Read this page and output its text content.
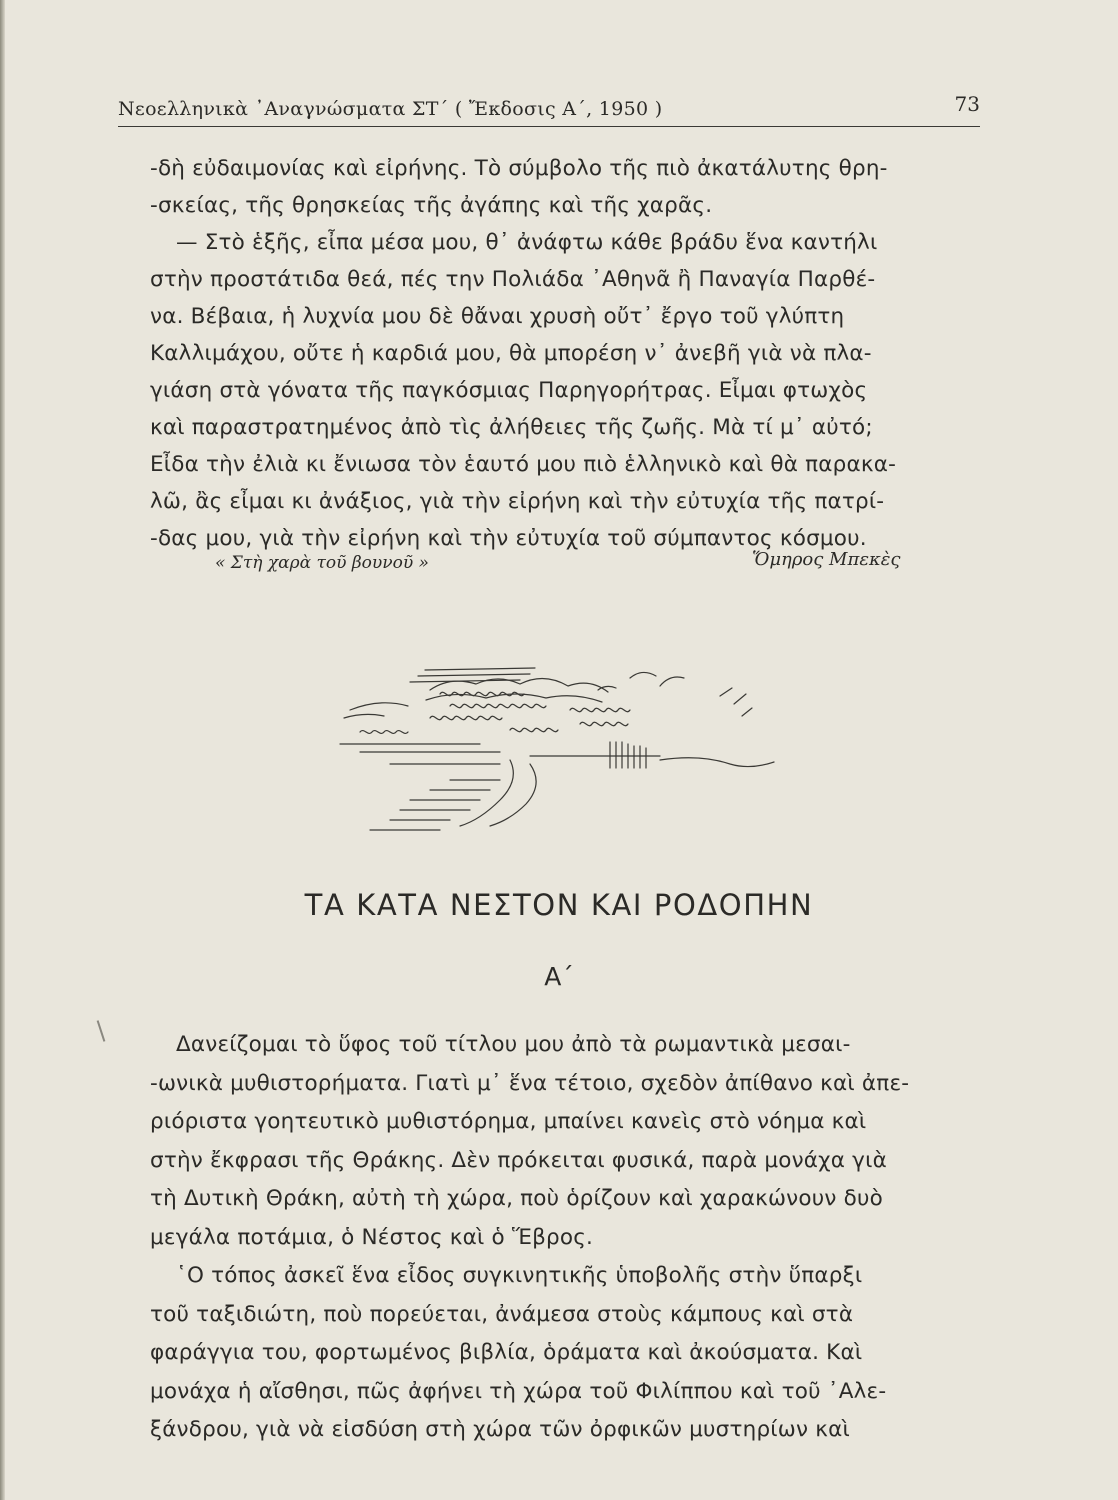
Νεοελληνικὰ ᾿Αναγνώσματα ΣΤ΄ ( Ἔκδοσις Α΄, 1950 )	73
-δὴ εὐδαιμονίας καὶ εἰρήνης. Τὸ σύμβολο τῆς πιὸ ἀκατάλυτης θρη-
-σκείας, τῆς θρησκείας τῆς ἀγάπης καὶ τῆς χαρᾶς.
— Στὸ ἑξῆς, εἶπα μέσα μου, θ᾿ ἀνάφτω κάθε βράδυ ἕνα καντήλι
στὴν προστάτιδα θεά, πές την Πολιάδα ᾿Αθηνᾶ ἢ Παναγία Παρθέ-
να. Βέβαια, ἡ λυχνία μου δὲ θἄναι χρυσὴ οὔτ᾿ ἔργο τοῦ γλύπτη
Καλλιμάχου, οὔτε ἡ καρδιά μου, θὰ μπορέση ν᾿ ἀνεβῆ γιὰ νὰ πλα-
γιάση στὰ γόνατα τῆς παγκόσμιας Παρηγορήτρας. Εἶμαι φτωχὸς
καὶ παραστρατημένος ἀπὸ τὶς ἀλήθειες τῆς ζωῆς. Μὰ τί μ᾿ αὐτό;
Εἶδα τὴν ἐλιὰ κι ἔνιωσα τὸν ἑαυτό μου πιὸ ἑλληνικὸ καὶ θὰ παρακα-
λῶ, ἂς εἶμαι κι ἀνάξιος, γιὰ τὴν εἰρήνη καὶ τὴν εὐτυχία τῆς πατρί-
-δας μου, γιὰ τὴν εἰρήνη καὶ τὴν εὐτυχία τοῦ σύμπαντος κόσμου.
« Στὴ χαρὰ τοῦ βουνοῦ »	Ὅμηρος Μπεκὲς
ΤΑ ΚΑΤΑ ΝΕΣΤΟΝ ΚΑΙ ΡΟΔΟΠΗΝ
Α΄
Δανείζομαι τὸ ὕφος τοῦ τίτλου μου ἀπὸ τὰ ρωμαντικὰ μεσαι-
-ωνικὰ μυθιστορήματα. Γιατὶ μ᾿ ἕνα τέτοιο, σχεδὸν ἀπίθανο καὶ ἀπε-
ριόριστα γοητευτικὸ μυθιστόρημα, μπαίνει κανεὶς στὸ νόημα καὶ
στὴν ἔκφρασι τῆς Θράκης. Δὲν πρόκειται φυσικά, παρὰ μονάχα γιὰ
τὴ Δυτικὴ Θράκη, αὐτὴ τὴ χώρα, ποὺ ὁρίζουν καὶ χαρακώνουν δυὸ
μεγάλα ποτάμια, ὁ Νέστος καὶ ὁ Ἕβρος.
῾Ο τόπος ἀσκεῖ ἕνα εἶδος συγκινητικῆς ὑποβολῆς στὴν ὕπαρξι
τοῦ ταξιδιώτη, ποὺ πορεύεται, ἀνάμεσα στοὺς κάμπους καὶ στὰ
φαράγγια του, φορτωμένος βιβλία, ὁράματα καὶ ἀκούσματα. Καὶ
μονάχα ἡ αἴσθησι, πῶς ἀφήνει τὴ χώρα τοῦ Φιλίππου καὶ τοῦ ᾿Αλε-
ξάνδρου, γιὰ νὰ εἰσδύση στὴ χώρα τῶν ὀρφικῶν μυστηρίων καὶ
